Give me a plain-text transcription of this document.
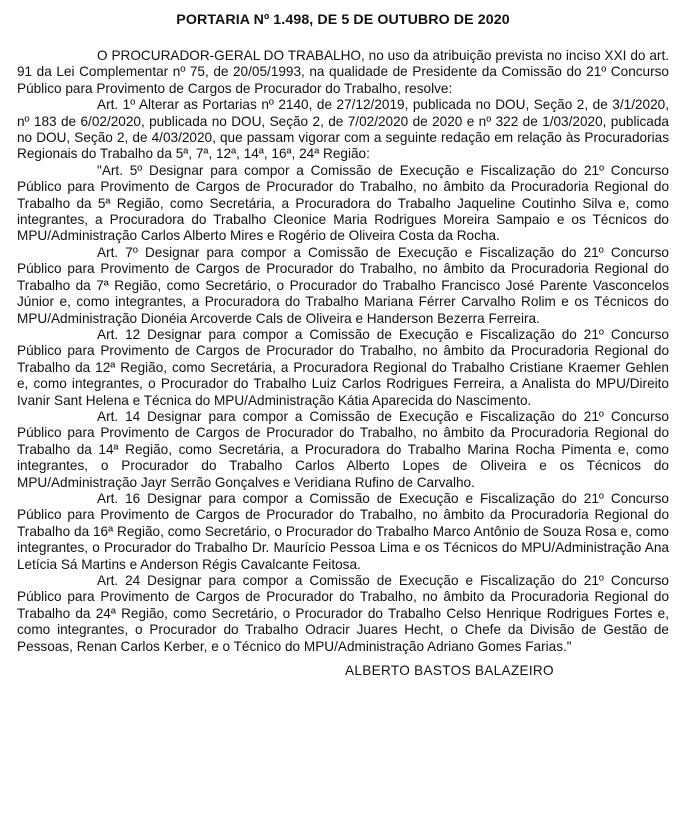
PORTARIA Nº 1.498, DE 5 DE OUTUBRO DE 2020

O PROCURADOR-GERAL DO TRABALHO, no uso da atribuição prevista no inciso XXI do art. 91 da Lei Complementar nº 75, de 20/05/1993, na qualidade de Presidente da Comissão do 21º Concurso Público para Provimento de Cargos de Procurador do Trabalho, resolve:

Art. 1º Alterar as Portarias nº 2140, de 27/12/2019, publicada no DOU, Seção 2, de 3/1/2020, nº 183 de 6/02/2020, publicada no DOU, Seção 2, de 7/02/2020 de 2020 e nº 322 de 1/03/2020, publicada no DOU, Seção 2, de 4/03/2020, que passam vigorar com a seguinte redação em relação às Procuradorias Regionais do Trabalho da 5ª, 7ª, 12ª, 14ª, 16ª, 24ª Região:

"Art. 5º Designar para compor a Comissão de Execução e Fiscalização do 21º Concurso Público para Provimento de Cargos de Procurador do Trabalho, no âmbito da Procuradoria Regional do Trabalho da 5ª Região, como Secretária, a Procuradora do Trabalho Jaqueline Coutinho Silva e, como integrantes, a Procuradora do Trabalho Cleonice Maria Rodrigues Moreira Sampaio e os Técnicos do MPU/Administração Carlos Alberto Mires e Rogério de Oliveira Costa da Rocha.

Art. 7º Designar para compor a Comissão de Execução e Fiscalização do 21º Concurso Público para Provimento de Cargos de Procurador do Trabalho, no âmbito da Procuradoria Regional do Trabalho da 7ª Região, como Secretário, o Procurador do Trabalho Francisco José Parente Vasconcelos Júnior e, como integrantes, a Procuradora do Trabalho Mariana Férrer Carvalho Rolim e os Técnicos do MPU/Administração Dionéia Arcoverde Cals de Oliveira e Handerson Bezerra Ferreira.

Art. 12 Designar para compor a Comissão de Execução e Fiscalização do 21º Concurso Público para Provimento de Cargos de Procurador do Trabalho, no âmbito da Procuradoria Regional do Trabalho da 12ª Região, como Secretária, a Procuradora Regional do Trabalho Cristiane Kraemer Gehlen e, como integrantes, o Procurador do Trabalho Luiz Carlos Rodrigues Ferreira, a Analista do MPU/Direito Ivanir Sant Helena e Técnica do MPU/Administração Kátia Aparecida do Nascimento.

Art. 14 Designar para compor a Comissão de Execução e Fiscalização do 21º Concurso Público para Provimento de Cargos de Procurador do Trabalho, no âmbito da Procuradoria Regional do Trabalho da 14ª Região, como Secretária, a Procuradora do Trabalho Marina Rocha Pimenta e, como integrantes, o Procurador do Trabalho Carlos Alberto Lopes de Oliveira e os Técnicos do MPU/Administração Jayr Serrão Gonçalves e Veridiana Rufino de Carvalho.

Art. 16 Designar para compor a Comissão de Execução e Fiscalização do 21º Concurso Público para Provimento de Cargos de Procurador do Trabalho, no âmbito da Procuradoria Regional do Trabalho da 16ª Região, como Secretário, o Procurador do Trabalho Marco Antônio de Souza Rosa e, como integrantes, o Procurador do Trabalho Dr. Maurício Pessoa Lima e os Técnicos do MPU/Administração Ana Letícia Sá Martins e Anderson Régis Cavalcante Feitosa.

Art. 24 Designar para compor a Comissão de Execução e Fiscalização do 21º Concurso Público para Provimento de Cargos de Procurador do Trabalho, no âmbito da Procuradoria Regional do Trabalho da 24ª Região, como Secretário, o Procurador do Trabalho Celso Henrique Rodrigues Fortes e, como integrantes, o Procurador do Trabalho Odracir Juares Hecht, o Chefe da Divisão de Gestão de Pessoas, Renan Carlos Kerber, e o Técnico do MPU/Administração Adriano Gomes Farias."

ALBERTO BASTOS BALAZEIRO
